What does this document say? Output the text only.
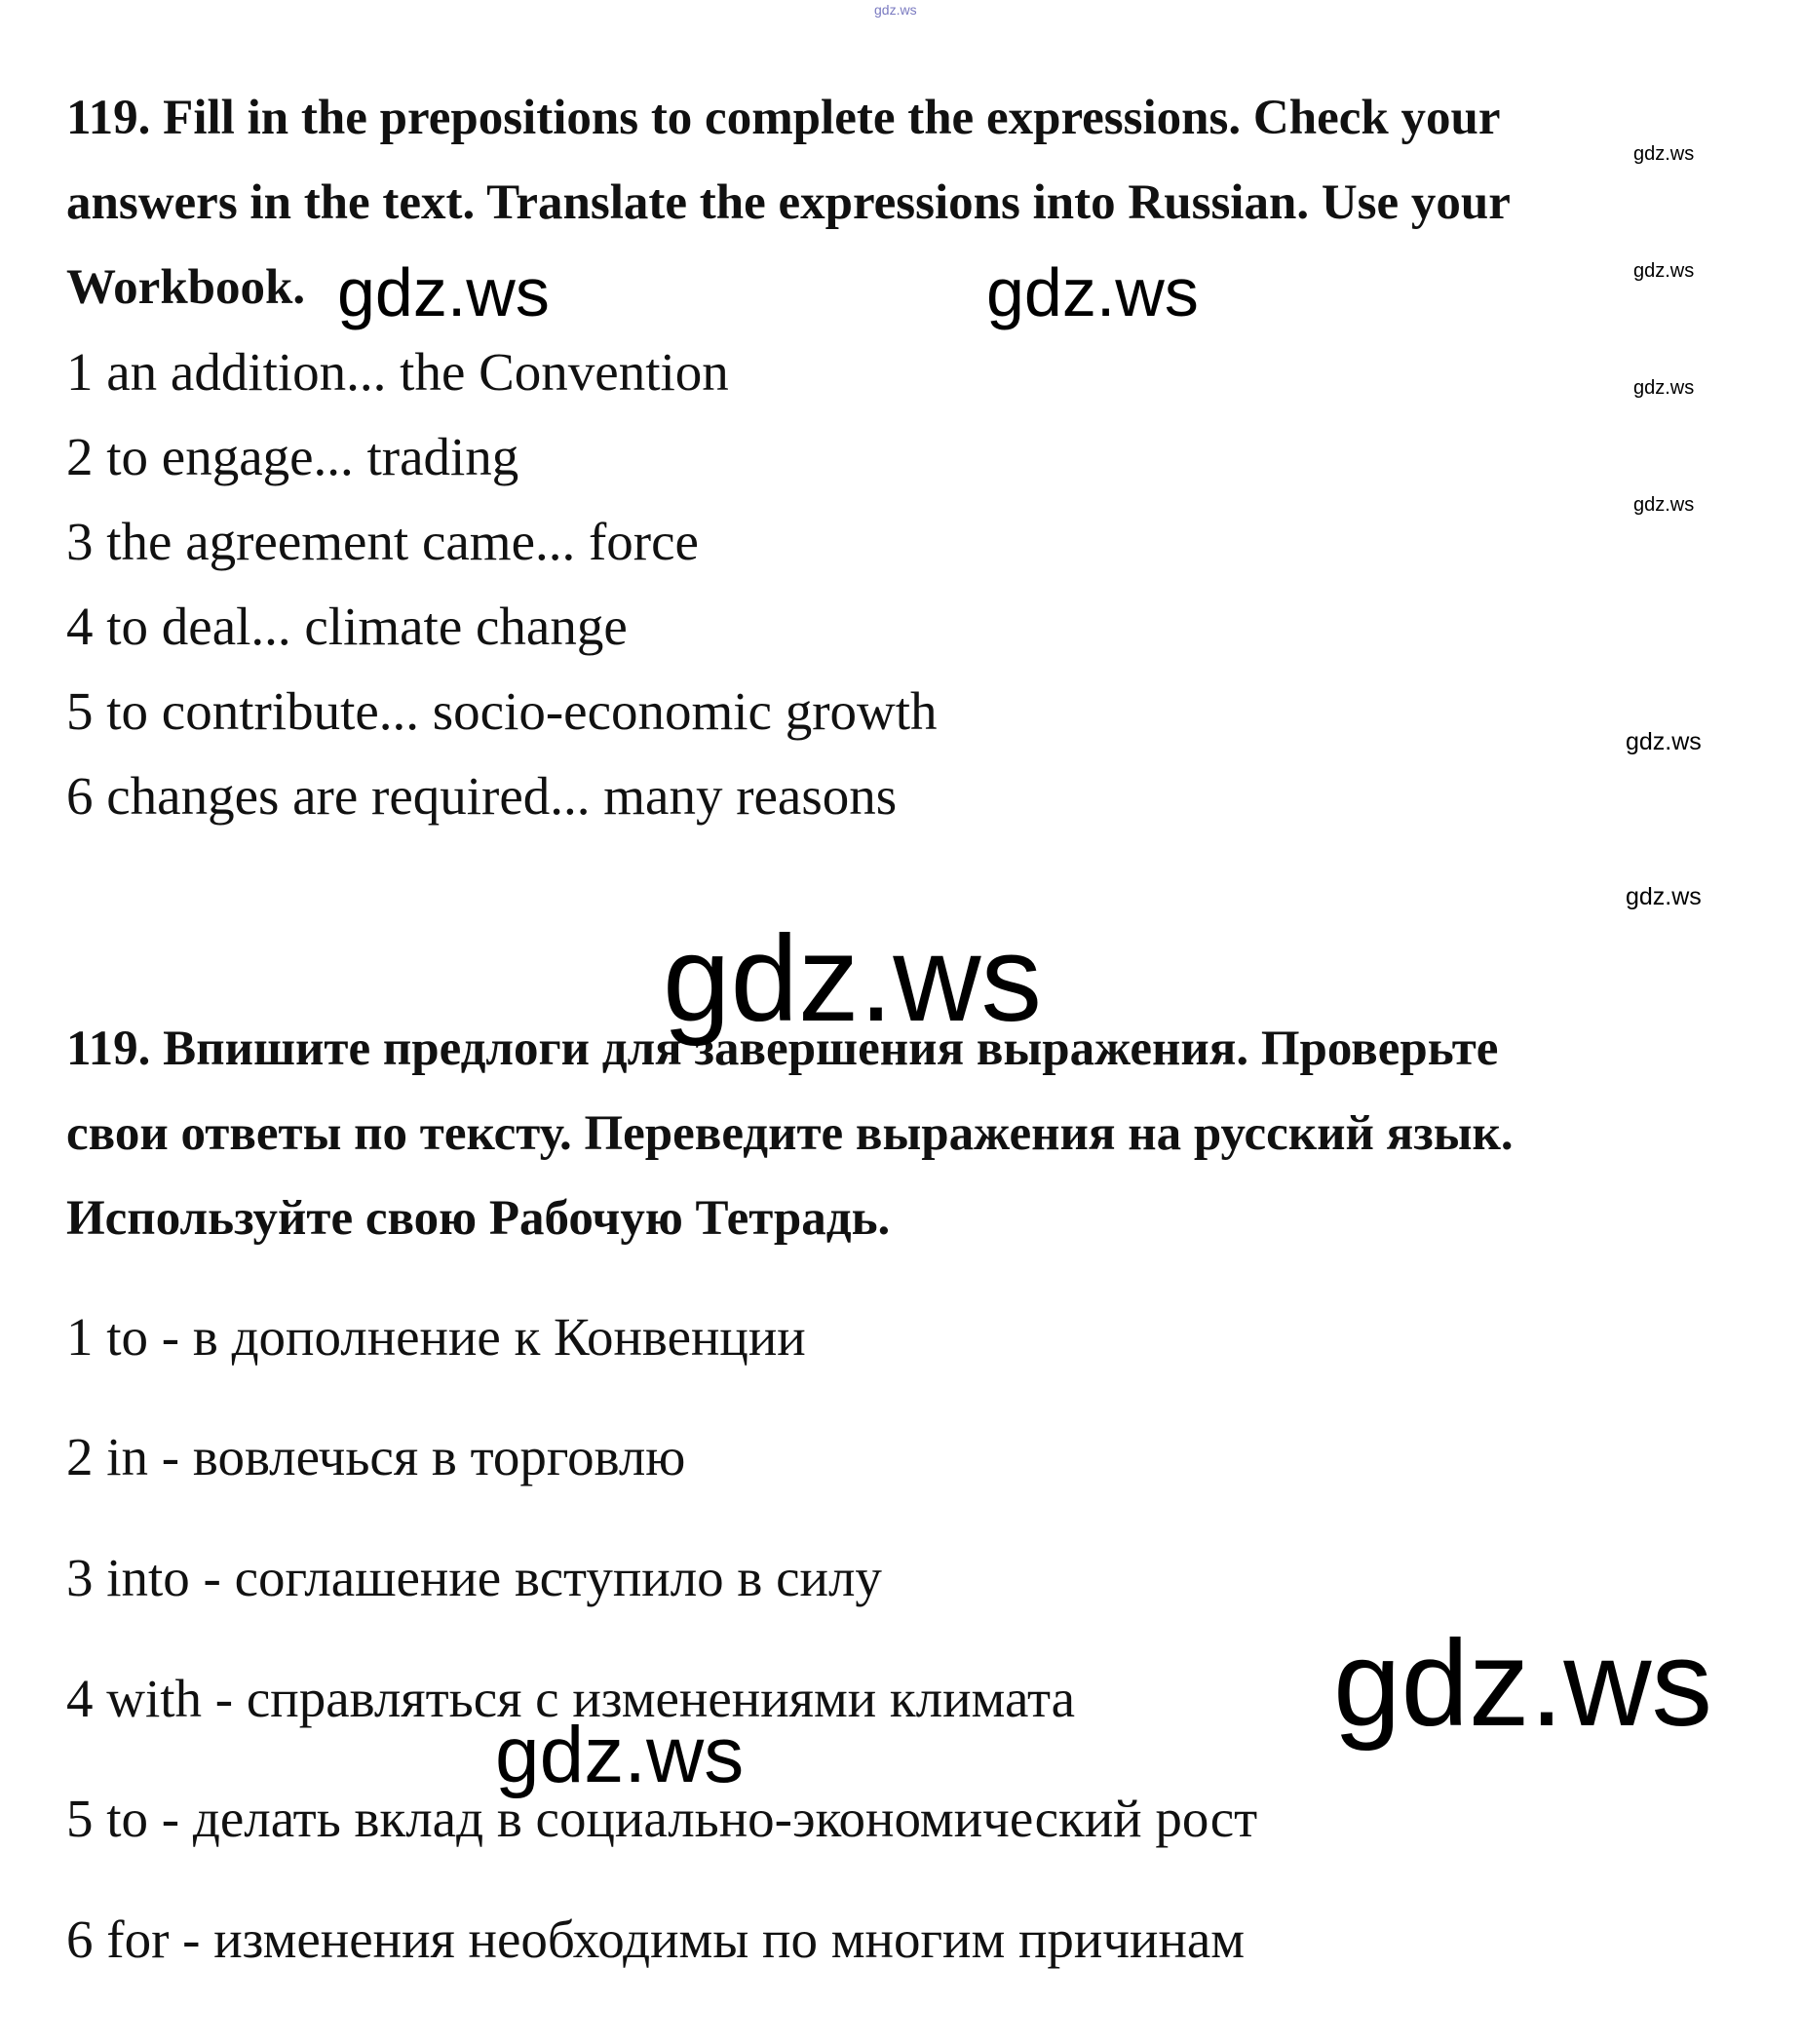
119. Fill in the prepositions to complete the expressions. Check your
answers in the text. Translate the expressions into Russian. Use your
Workbook.

1 an addition... the Convention

2 to engage... trading

3 the agreement came... force

4 to deal... climate change

5 to contribute... socio-economic growth

6 changes are required... many reasons

119. Впишите предлоги для завершения выражения. Проверьте
свои ответы по тексту. Переведите выражения на русский язык.
Используйте свою Рабочую Тетрадь.

1 to - в дополнение к Конвенции

2 in - вовлечься в торговлю

3 into - соглашение вступило в силу

4 with - справляться с изменениями климата

5 to - делать вклад в социально-экономический рост

6 for - изменения необходимы по многим причинам

gdz.ws
gdz.ws
gdz.ws
gdz.ws
gdz.ws
gdz.ws
gdz.ws
gdz.ws	gdz.ws
gdz.ws
gdz.ws
gdz.ws
